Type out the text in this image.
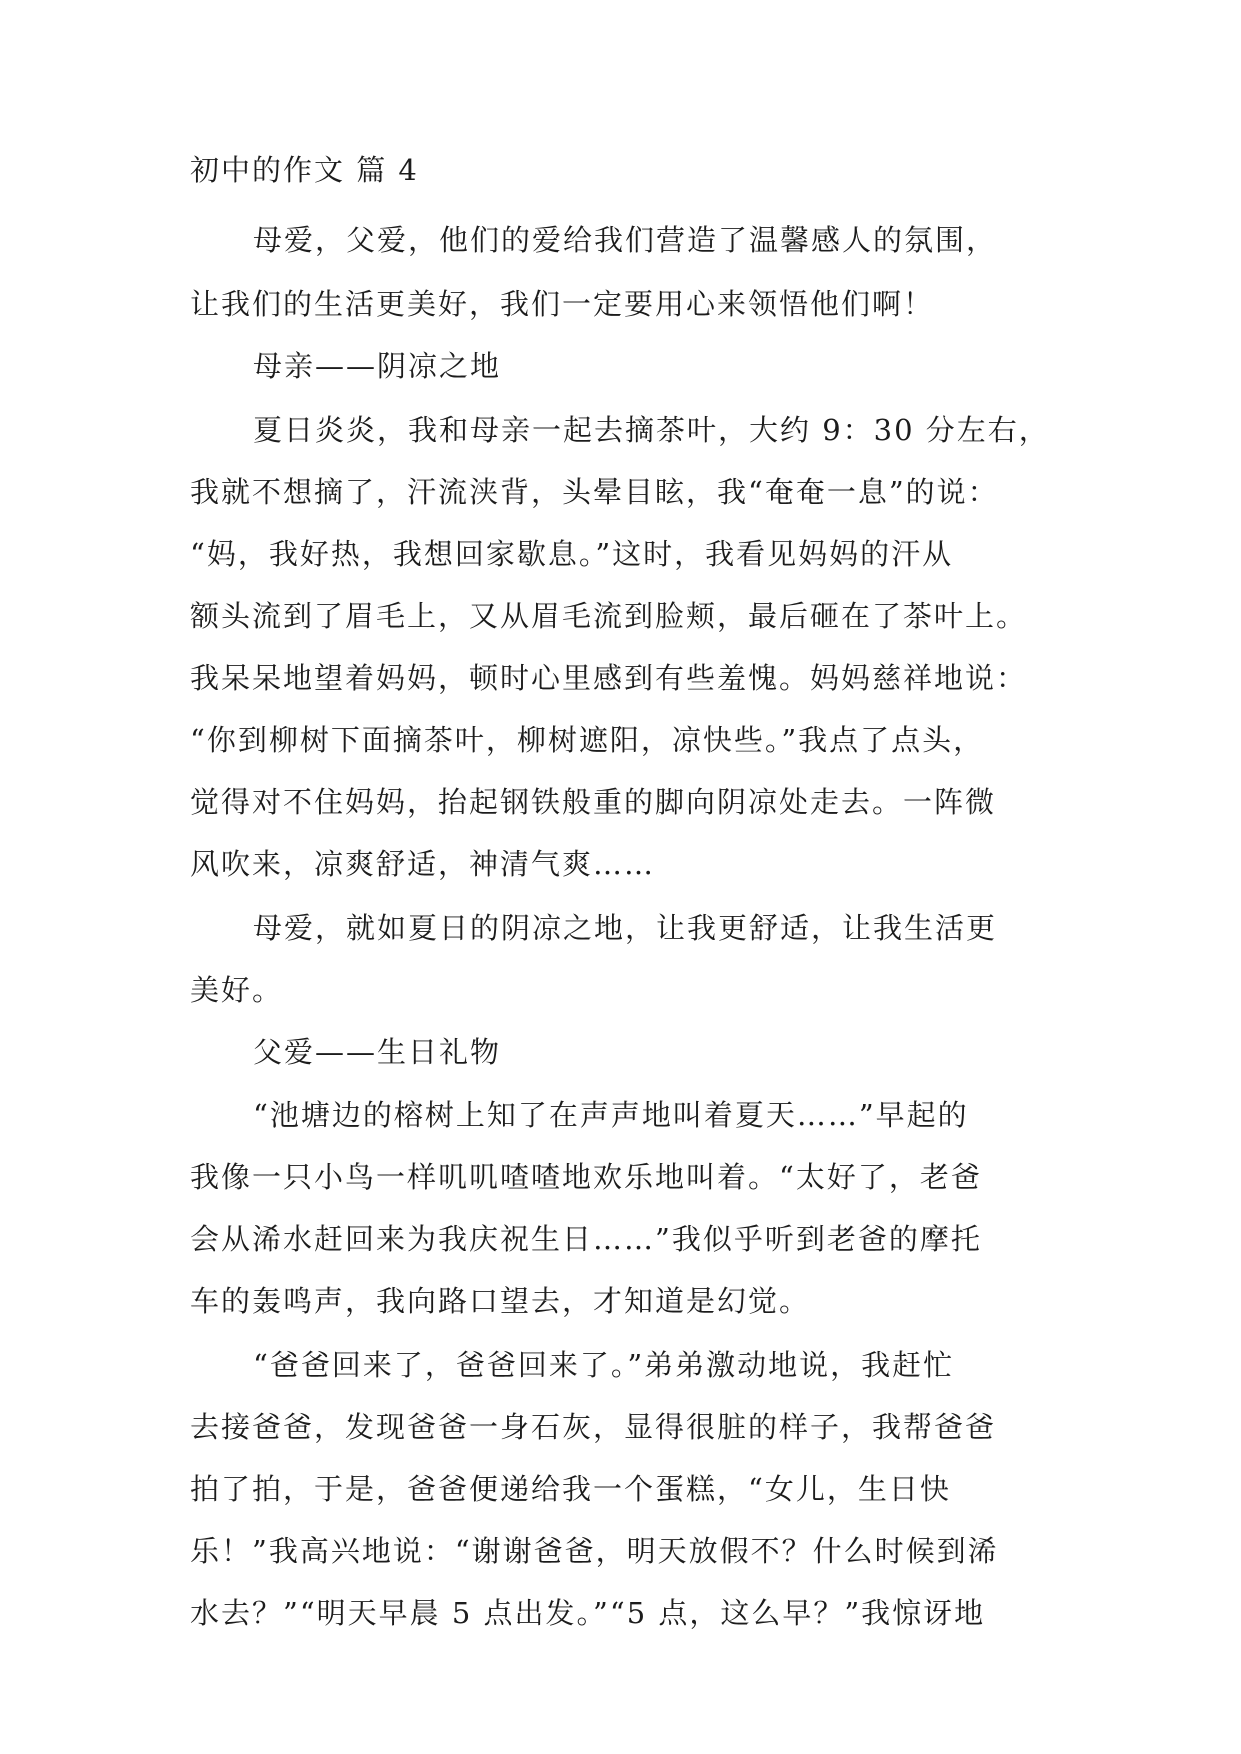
初中的作文 篇 4
母爱，父爱，他们的爱给我们营造了温馨感人的氛围，
让我们的生活更美好，我们一定要用心来领悟他们啊！
母亲——阴凉之地
夏日炎炎，我和母亲一起去摘茶叶，大约 9：30 分左右，
我就不想摘了，汗流浃背，头晕目眩，我“奄奄一息”的说：
“妈，我好热，我想回家歇息。”这时，我看见妈妈的汗从
额头流到了眉毛上，又从眉毛流到脸颊，最后砸在了茶叶上。
我呆呆地望着妈妈，顿时心里感到有些羞愧。妈妈慈祥地说：
“你到柳树下面摘茶叶，柳树遮阳，凉快些。”我点了点头，
觉得对不住妈妈，抬起钢铁般重的脚向阴凉处走去。一阵微
风吹来，凉爽舒适，神清气爽……
母爱，就如夏日的阴凉之地，让我更舒适，让我生活更
美好。
父爱——生日礼物
“池塘边的榕树上知了在声声地叫着夏天……”早起的
我像一只小鸟一样叽叽喳喳地欢乐地叫着。“太好了，老爸
会从浠水赶回来为我庆祝生日……”我似乎听到老爸的摩托
车的轰鸣声，我向路口望去，才知道是幻觉。
“爸爸回来了，爸爸回来了。”弟弟激动地说，我赶忙
去接爸爸，发现爸爸一身石灰，显得很脏的样子，我帮爸爸
拍了拍，于是，爸爸便递给我一个蛋糕，“女儿，生日快
乐！”我高兴地说：“谢谢爸爸，明天放假不？什么时候到浠
水去？”“明天早晨 5 点出发。”“5 点，这么早？”我惊讶地
